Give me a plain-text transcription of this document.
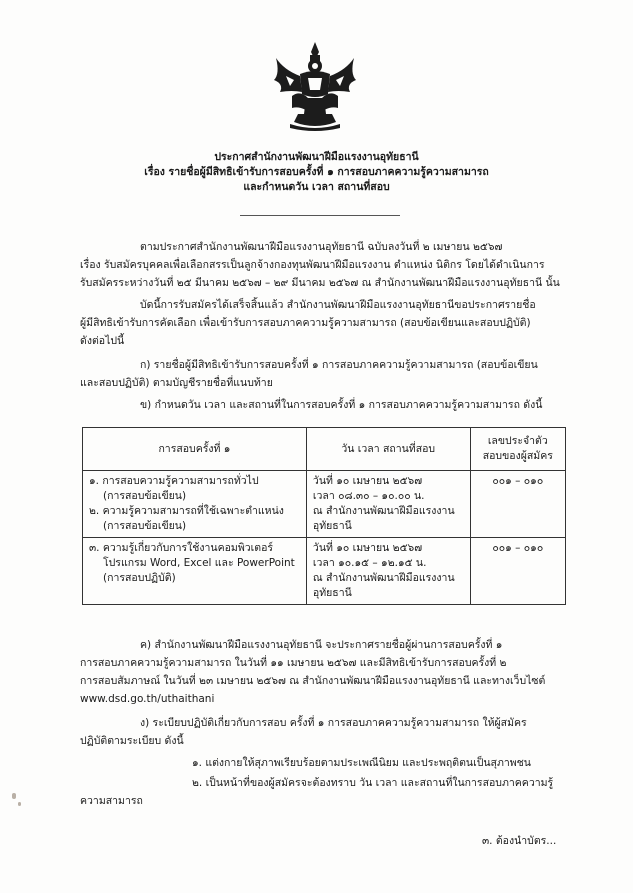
ประกาศสำนักงานพัฒนาฝีมือแรงงานอุทัยธานี
เรื่อง รายชื่อผู้มีสิทธิเข้ารับการสอบครั้งที่ ๑ การสอบภาคความรู้ความสามารถ
และกำหนดวัน เวลา สถานที่สอบ
ตามประกาศสำนักงานพัฒนาฝีมือแรงงานอุทัยธานี ฉบับลงวันที่ ๒ เมษายน ๒๕๖๗
เรื่อง รับสมัครบุคคลเพื่อเลือกสรรเป็นลูกจ้างกองทุนพัฒนาฝีมือแรงงาน ตำแหน่ง นิติกร โดยได้ดำเนินการ
รับสมัครระหว่างวันที่ ๒๕ มีนาคม ๒๕๖๗ – ๒๙ มีนาคม ๒๕๖๗ ณ สำนักงานพัฒนาฝีมือแรงงานอุทัยธานี นั้น
บัดนี้การรับสมัครได้เสร็จสิ้นแล้ว สำนักงานพัฒนาฝีมือแรงงานอุทัยธานีขอประกาศรายชื่อ
ผู้มีสิทธิเข้ารับการคัดเลือก เพื่อเข้ารับการสอบภาคความรู้ความสามารถ (สอบข้อเขียนและสอบปฏิบัติ)
ดังต่อไปนี้
ก) รายชื่อผู้มีสิทธิเข้ารับการสอบครั้งที่ ๑ การสอบภาคความรู้ความสามารถ (สอบข้อเขียน
และสอบปฏิบัติ) ตามบัญชีรายชื่อที่แนบท้าย
ข) กำหนดวัน เวลา และสถานที่ในการสอบครั้งที่ ๑ การสอบภาคความรู้ความสามารถ ดังนี้
การสอบครั้งที่ ๑	วัน เวลา สถานที่สอบ	เลขประจำตัว
สอบของผู้สมัคร

๑. การสอบความรู้ความสามารถทั่วไป
(การสอบข้อเขียน)
๒. ความรู้ความสามารถที่ใช้เฉพาะตำแหน่ง
(การสอบข้อเขียน)	วันที่ ๑๐ เมษายน ๒๕๖๗
เวลา ๐๘.๓๐ – ๑๐.๐๐ น.
ณ สำนักงานพัฒนาฝีมือแรงงาน
อุทัยธานี	๐๐๑ – ๐๑๐

๓. ความรู้เกี่ยวกับการใช้งานคอมพิวเตอร์
โปรแกรม Word, Excel และ PowerPoint
(การสอบปฏิบัติ)	วันที่ ๑๐ เมษายน ๒๕๖๗
เวลา ๑๐.๑๕ – ๑๒.๑๕ น.
ณ สำนักงานพัฒนาฝีมือแรงงาน
อุทัยธานี	๐๐๑ – ๐๑๐
ค) สำนักงานพัฒนาฝีมือแรงงานอุทัยธานี จะประกาศรายชื่อผู้ผ่านการสอบครั้งที่ ๑
การสอบภาคความรู้ความสามารถ ในวันที่ ๑๑ เมษายน ๒๕๖๗ และมีสิทธิเข้ารับการสอบครั้งที่ ๒
การสอบสัมภาษณ์ ในวันที่ ๒๓ เมษายน ๒๕๖๗ ณ สำนักงานพัฒนาฝีมือแรงงานอุทัยธานี และทางเว็บไซต์
www.dsd.go.th/uthaithani
ง) ระเบียบปฏิบัติเกี่ยวกับการสอบ ครั้งที่ ๑ การสอบภาคความรู้ความสามารถ ให้ผู้สมัคร
ปฏิบัติตามระเบียบ ดังนี้
๑. แต่งกายให้สุภาพเรียบร้อยตามประเพณีนิยม และประพฤติตนเป็นสุภาพชน
๒. เป็นหน้าที่ของผู้สมัครจะต้องทราบ วัน เวลา และสถานที่ในการสอบภาคความรู้
ความสามารถ
๓. ต้องนำบัตร...
